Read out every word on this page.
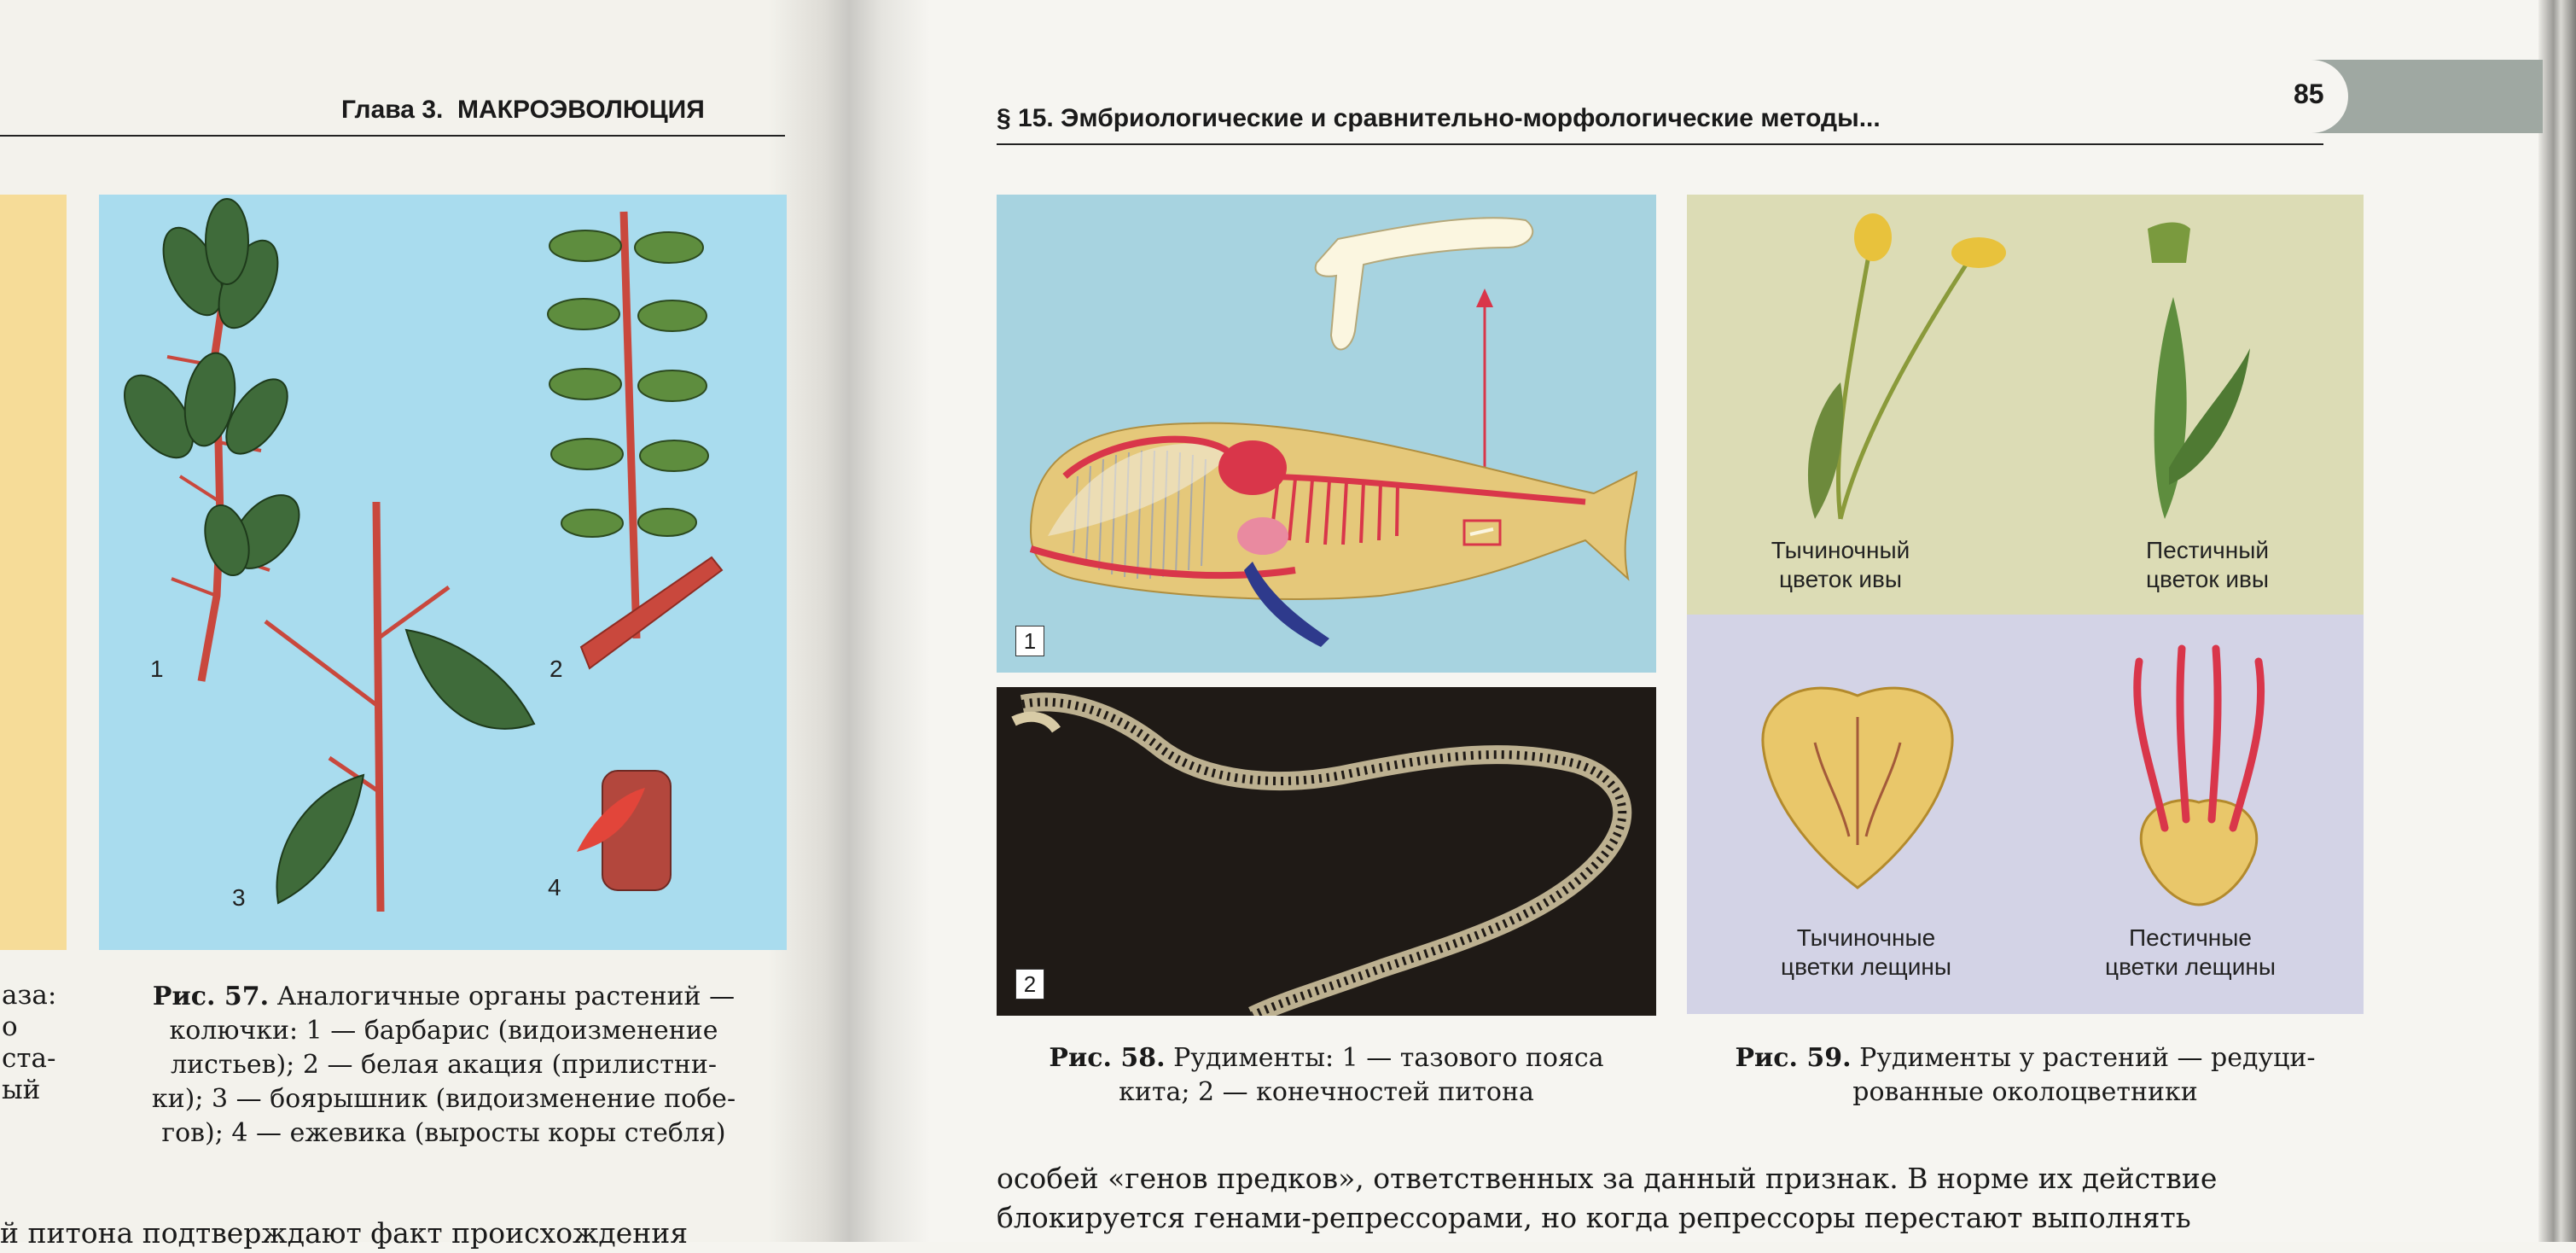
Глава 3. МАКРОЭВОЛЮЦИЯ
1	2
3	4
аза:
о
ста-
ый
Рис. 57. Аналогичные органы растений —
колючки: 1 — барбарис (видоизменение
листьев); 2 — белая акация (прилистни-
ки); 3 — боярышник (видоизменение побе-
гов); 4 — ежевика (выросты коры стебля)
й питона подтверждают факт происхождения
§ 15. Эмбриологические и сравнительно-морфологические методы...
85
1
2
Рис. 58. Рудименты: 1 — тазового пояса
кита; 2 — конечностей питона
Тычиночный
цветок ивы
Пестичный
цветок ивы
Тычиночные
цветки лещины
Пестичные
цветки лещины
Рис. 59. Рудименты у растений — редуци-
рованные околоцветники
особей «генов предков», ответственных за данный признак. В норме их действие
блокируется генами-репрессорами, но когда репрессоры перестают выполнять
